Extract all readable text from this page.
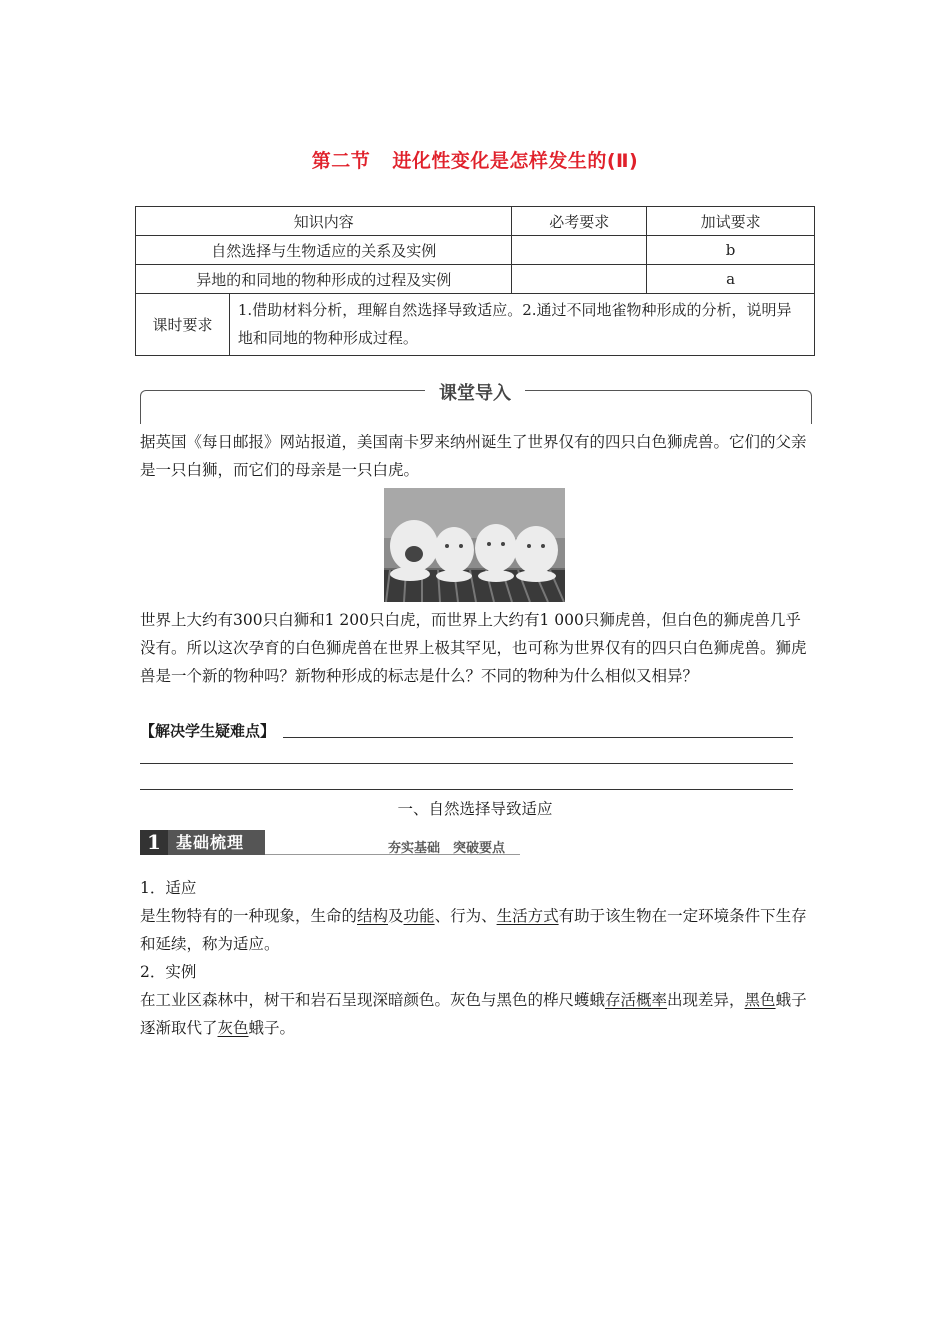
第二节 进化性变化是怎样发生的(Ⅱ)
知识内容		必考要求	加试要求
自然选择与生物适应的关系及实例			b
异地的和同地的物种形成的过程及实例			a
课时要求	1.借助材料分析，理解自然选择导致适应。2.通过不同地雀物种形成的分析，说明异地和同地的物种形成过程。		
课堂导入
据英国《每日邮报》网站报道，美国南卡罗来纳州诞生了世界仅有的四只白色狮虎兽。它们的父亲是一只白狮，而它们的母亲是一只白虎。
世界上大约有300只白狮和1 200只白虎，而世界上大约有1 000只狮虎兽，但白色的狮虎兽几乎没有。所以这次孕育的白色狮虎兽在世界上极其罕见，也可称为世界仅有的四只白色狮虎兽。狮虎兽是一个新的物种吗？新物种形成的标志是什么？不同的物种为什么相似又相异？
【解决学生疑难点】
一、自然选择导致适应
1 基础梳理	夯实基础　突破要点
1．适应
是生物特有的一种现象，生命的结构及功能、行为、生活方式有助于该生物在一定环境条件下生存和延续，称为适应。
2．实例
在工业区森林中，树干和岩石呈现深暗颜色。灰色与黑色的桦尺蠖蛾存活概率出现差异，黑色蛾子逐渐取代了灰色蛾子。
